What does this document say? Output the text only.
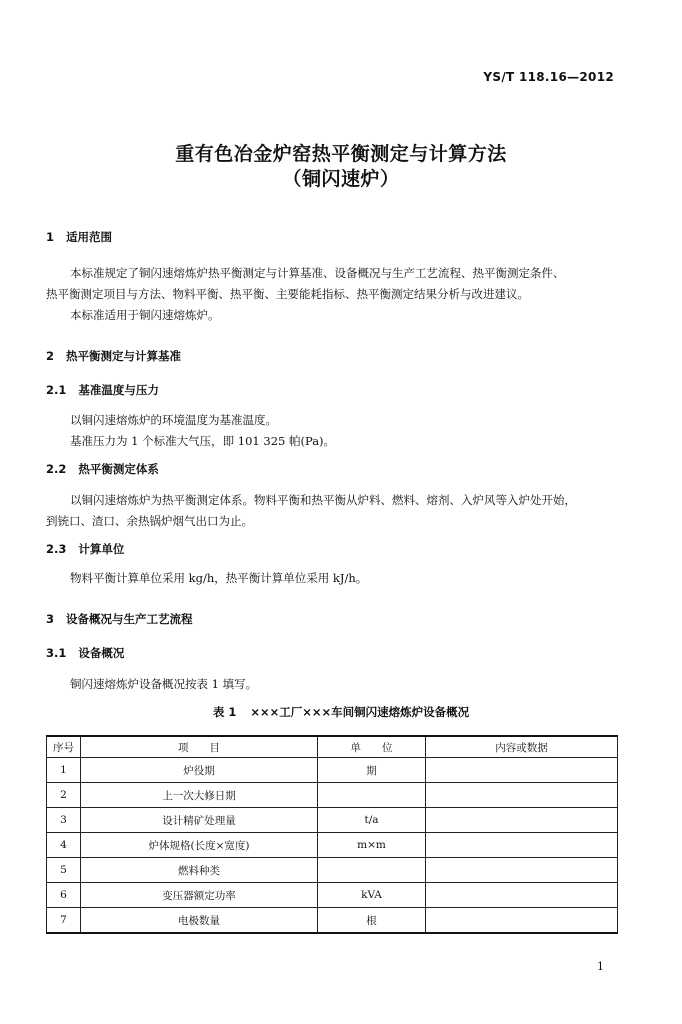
YS/T 118.16—2012
重有色冶金炉窑热平衡测定与计算方法
（铜闪速炉）
1 适用范围
本标准规定了铜闪速熔炼炉热平衡测定与计算基准、设备概况与生产工艺流程、热平衡测定条件、
热平衡测定项目与方法、物料平衡、热平衡、主要能耗指标、热平衡测定结果分析与改进建议。
本标准适用于铜闪速熔炼炉。
2 热平衡测定与计算基准
2.1 基准温度与压力
以铜闪速熔炼炉的环境温度为基准温度。
基准压力为 1 个标准大气压，即 101 325 帕(Pa)。
2.2 热平衡测定体系
以铜闪速熔炼炉为热平衡测定体系。物料平衡和热平衡从炉料、燃料、熔剂、入炉风等入炉处开始，
到铳口、渣口、余热锅炉烟气出口为止。
2.3 计算单位
物料平衡计算单位采用 kg/h，热平衡计算单位采用 kJ/h。
3 设备概况与生产工艺流程
3.1 设备概况
铜闪速熔炼炉设备概况按表 1 填写。
表 1 ×××工厂×××车间铜闪速熔炼炉设备概况
序号	项　　目	单　　位	内容或数据
1	炉役期	期	
2	上一次大修日期		
3	设计精矿处理量	t/a	
4	炉体规格(长度×宽度)	m×m	
5	燃料种类		
6	变压器额定功率	kVA	
7	电极数量	根	
1
